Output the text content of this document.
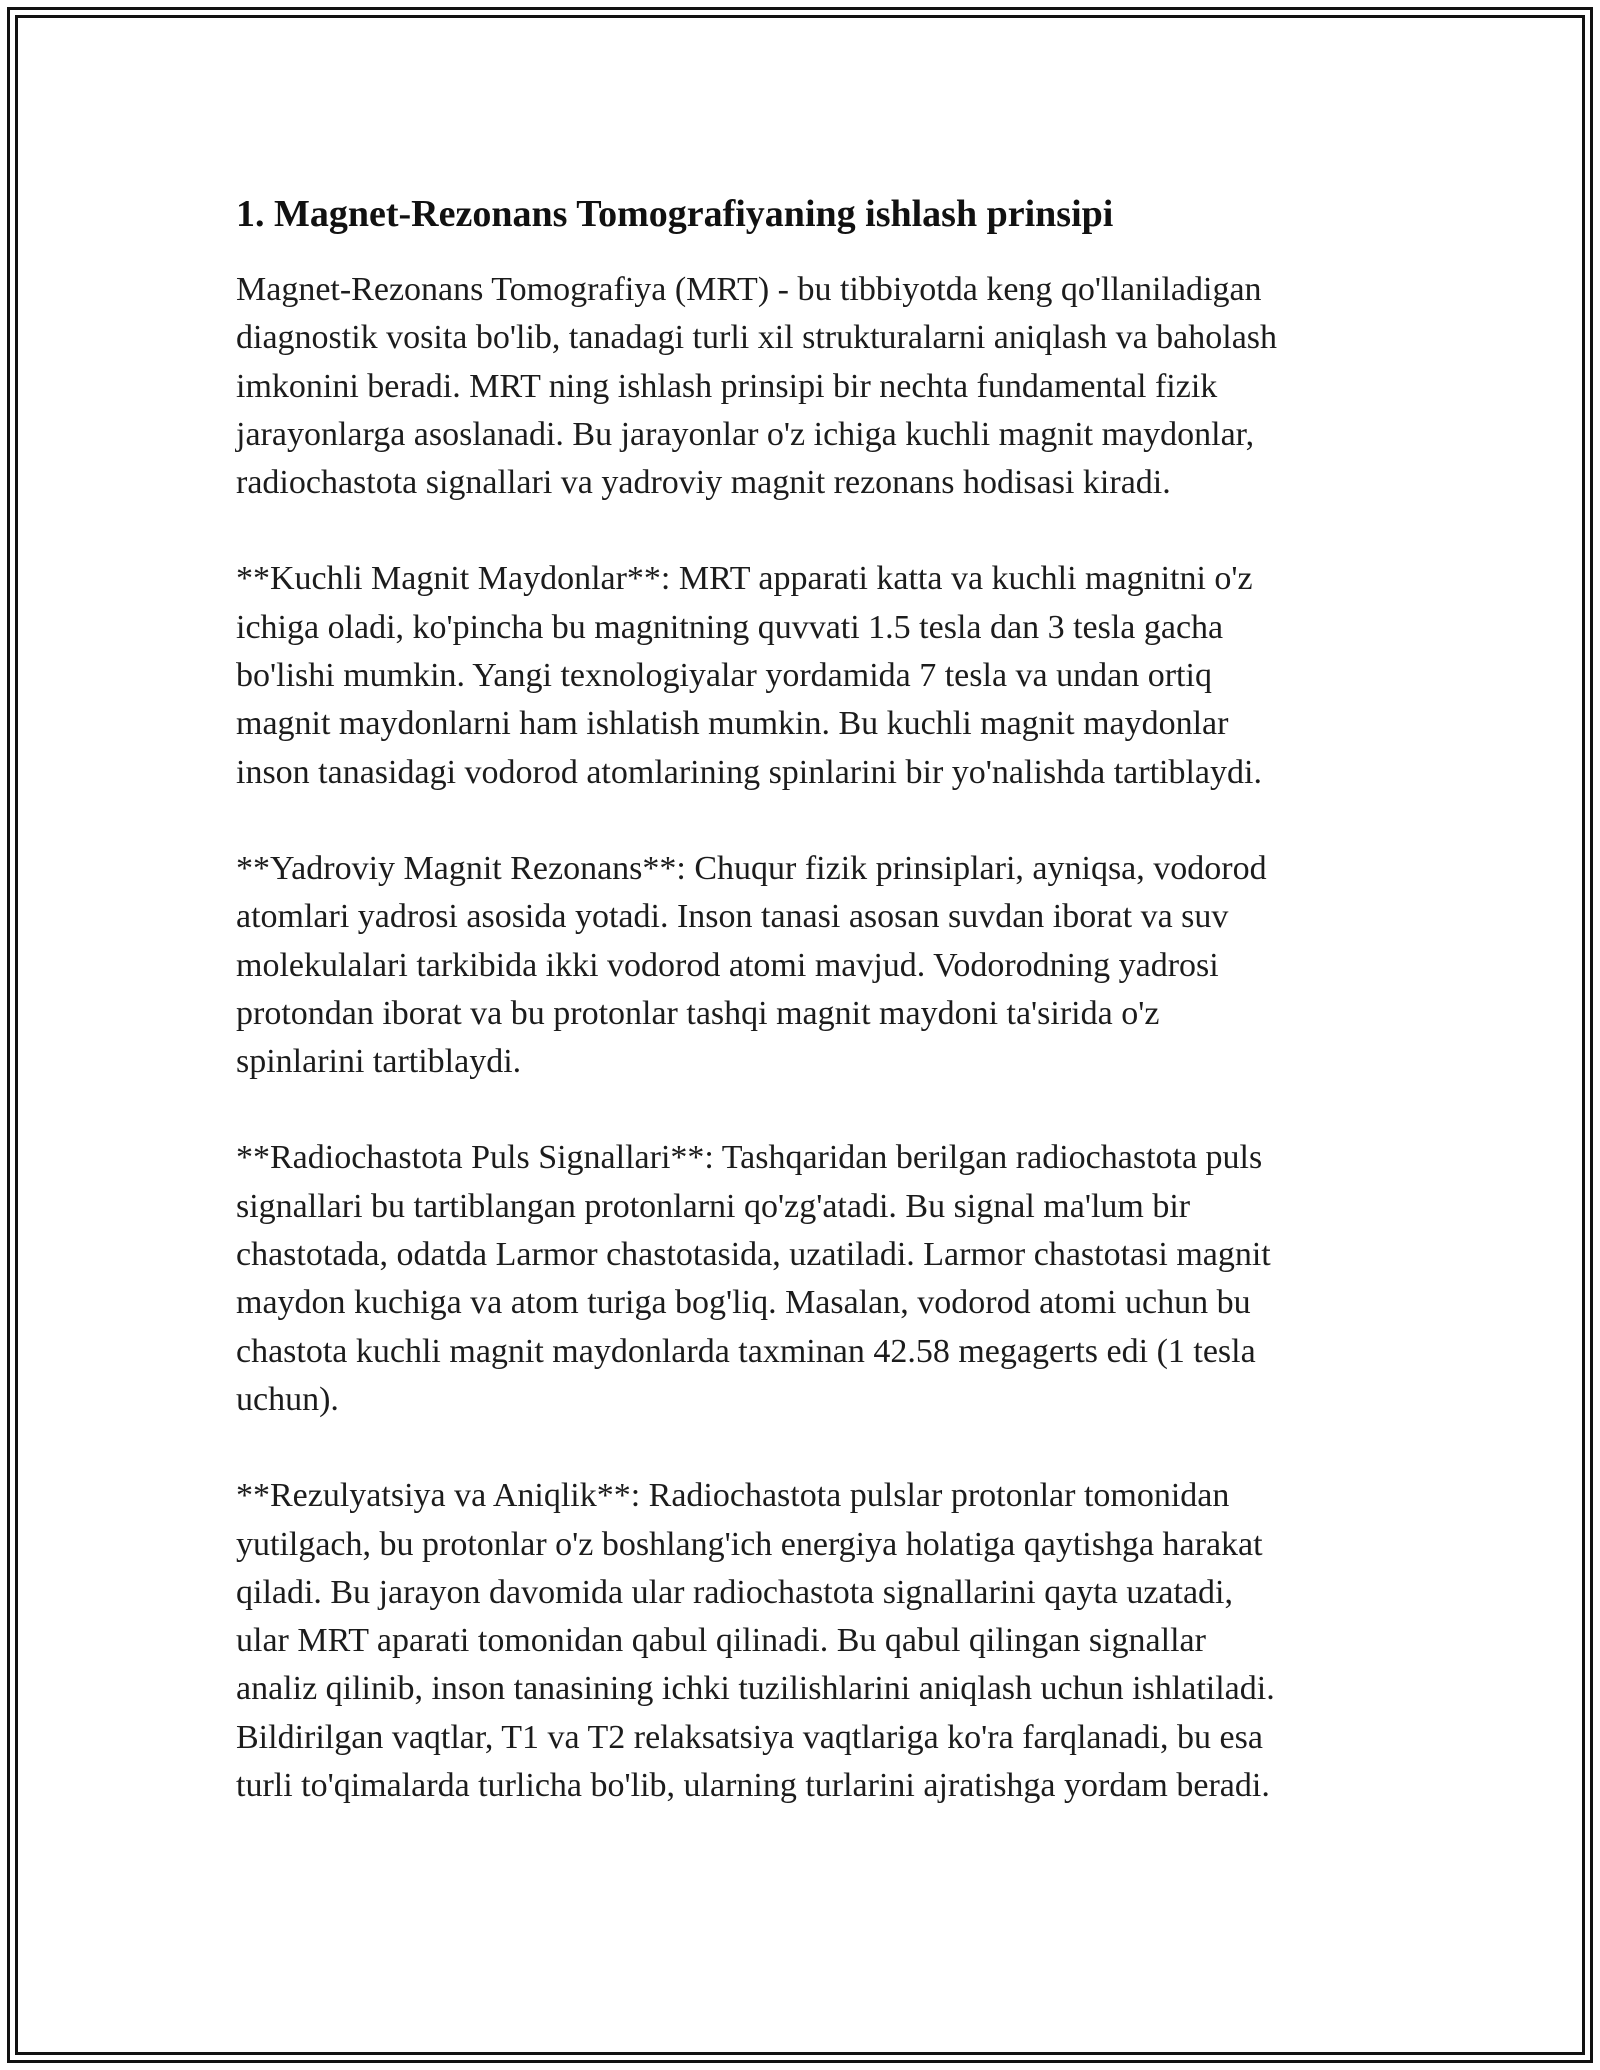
1. Magnet-Rezonans Tomografiyaning ishlash prinsipi
Magnet-Rezonans Tomografiya (MRT) - bu tibbiyotda keng qo'llaniladigan
diagnostik vosita bo'lib, tanadagi turli xil strukturalarni aniqlash va baholash
imkonini beradi. MRT ning ishlash prinsipi bir nechta fundamental fizik
jarayonlarga asoslanadi. Bu jarayonlar o'z ichiga kuchli magnit maydonlar,
radiochastota signallari va yadroviy magnit rezonans hodisasi kiradi.
**Kuchli Magnit Maydonlar**: MRT apparati katta va kuchli magnitni o'z
ichiga oladi, ko'pincha bu magnitning quvvati 1.5 tesla dan 3 tesla gacha
bo'lishi mumkin. Yangi texnologiyalar yordamida 7 tesla va undan ortiq
magnit maydonlarni ham ishlatish mumkin. Bu kuchli magnit maydonlar
inson tanasidagi vodorod atomlarining spinlarini bir yo'nalishda tartiblaydi.
**Yadroviy Magnit Rezonans**: Chuqur fizik prinsiplari, ayniqsa, vodorod
atomlari yadrosi asosida yotadi. Inson tanasi asosan suvdan iborat va suv
molekulalari tarkibida ikki vodorod atomi mavjud. Vodorodning yadrosi
protondan iborat va bu protonlar tashqi magnit maydoni ta'sirida o'z
spinlarini tartiblaydi.
**Radiochastota Puls Signallari**: Tashqaridan berilgan radiochastota puls
signallari bu tartiblangan protonlarni qo'zg'atadi. Bu signal ma'lum bir
chastotada, odatda Larmor chastotasida, uzatiladi. Larmor chastotasi magnit
maydon kuchiga va atom turiga bog'liq. Masalan, vodorod atomi uchun bu
chastota kuchli magnit maydonlarda taxminan 42.58 megagerts edi (1 tesla
uchun).
**Rezulyatsiya va Aniqlik**: Radiochastota pulslar protonlar tomonidan
yutilgach, bu protonlar o'z boshlang'ich energiya holatiga qaytishga harakat
qiladi. Bu jarayon davomida ular radiochastota signallarini qayta uzatadi,
ular MRT aparati tomonidan qabul qilinadi. Bu qabul qilingan signallar
analiz qilinib, inson tanasining ichki tuzilishlarini aniqlash uchun ishlatiladi.
Bildirilgan vaqtlar, T1 va T2 relaksatsiya vaqtlariga ko'ra farqlanadi, bu esa
turli to'qimalarda turlicha bo'lib, ularning turlarini ajratishga yordam beradi.
